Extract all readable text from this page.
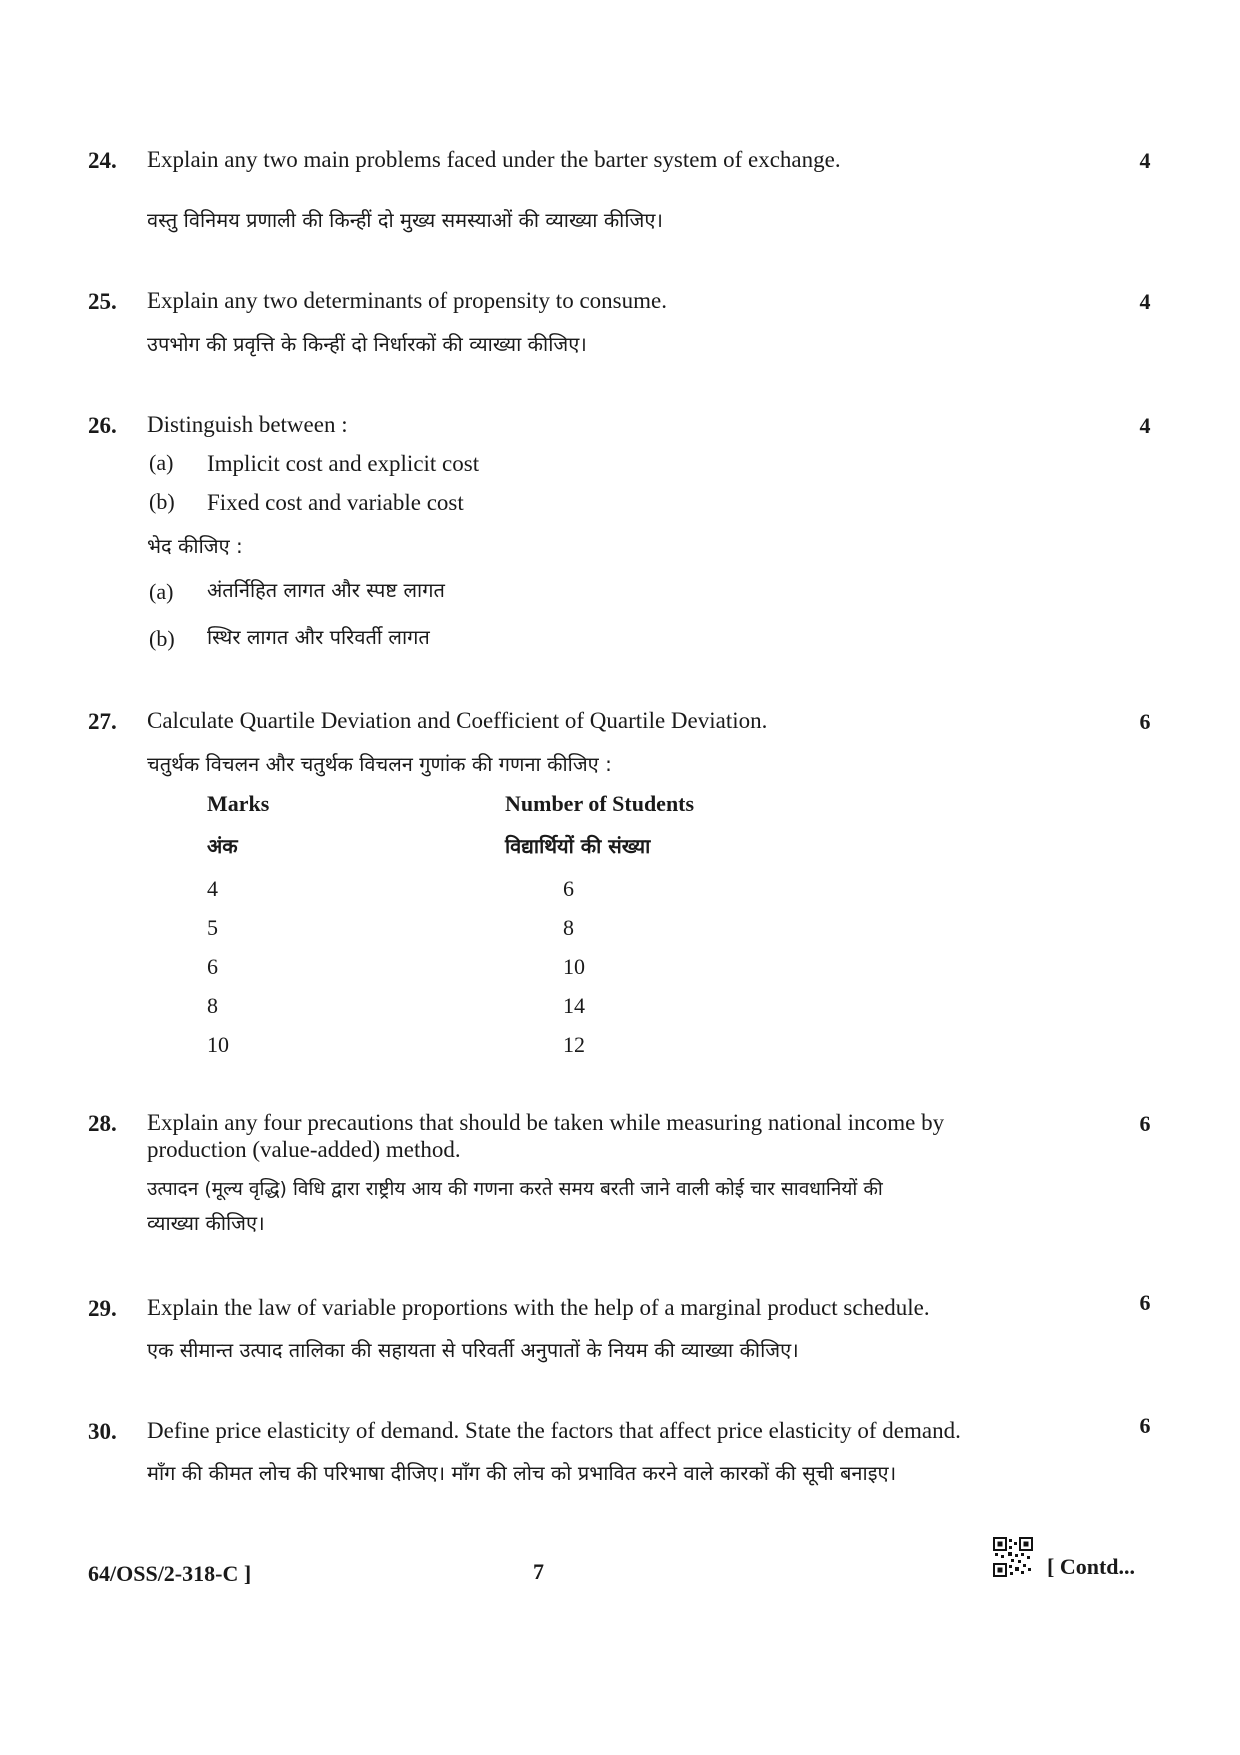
24. Explain any two main problems faced under the barter system of exchange.	4
वस्तु विनिमय प्रणाली की किन्हीं दो मुख्य समस्याओं की व्याख्या कीजिए।
25. Explain any two determinants of propensity to consume.	4
उपभोग की प्रवृत्ति के किन्हीं दो निर्धारकों की व्याख्या कीजिए।
26. Distinguish between :	4
(a) Implicit cost and explicit cost
(b) Fixed cost and variable cost
भेद कीजिए :
(a) अंतर्निहित लागत और स्पष्ट लागत
(b) स्थिर लागत और परिवर्ती लागत
27. Calculate Quartile Deviation and Coefficient of Quartile Deviation.	6
चतुर्थक विचलन और चतुर्थक विचलन गुणांक की गणना कीजिए :
Marks	Number of Students
अंक	विद्यार्थियों की संख्या
4	6
5	8
6	10
8	14
10	12
28. Explain any four precautions that should be taken while measuring national income by
production (value-added) method.
6
उत्पादन (मूल्य वृद्धि) विधि द्वारा राष्ट्रीय आय की गणना करते समय बरती जाने वाली कोई चार सावधानियों की
व्याख्या कीजिए।
29. Explain the law of variable proportions with the help of a marginal product schedule.	6
एक सीमान्त उत्पाद तालिका की सहायता से परिवर्ती अनुपातों के नियम की व्याख्या कीजिए।
30. Define price elasticity of demand. State the factors that affect price elasticity of demand.	6
माँग की कीमत लोच की परिभाषा दीजिए। माँग की लोच को प्रभावित करने वाले कारकों की सूची बनाइए।
64/OSS/2-318-C ]	7	[ Contd...
